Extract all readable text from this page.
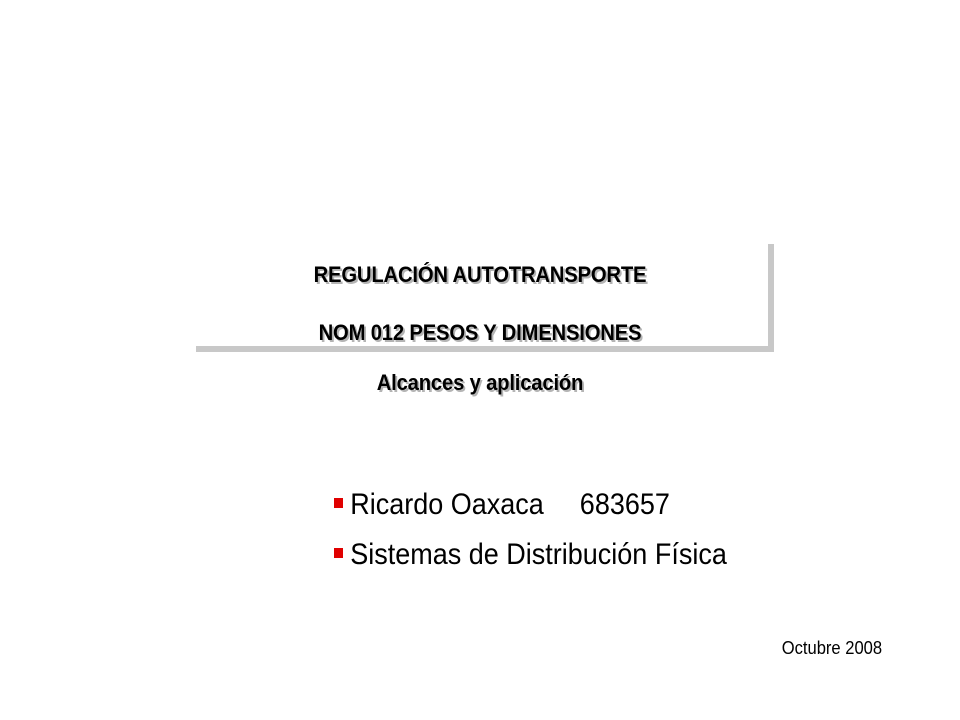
REGULACIÓN AUTOTRANSPORTE
NOM 012 PESOS Y DIMENSIONES
Alcances y aplicación
Ricardo Oaxaca 683657
Sistemas de Distribución Física
Octubre 2008
